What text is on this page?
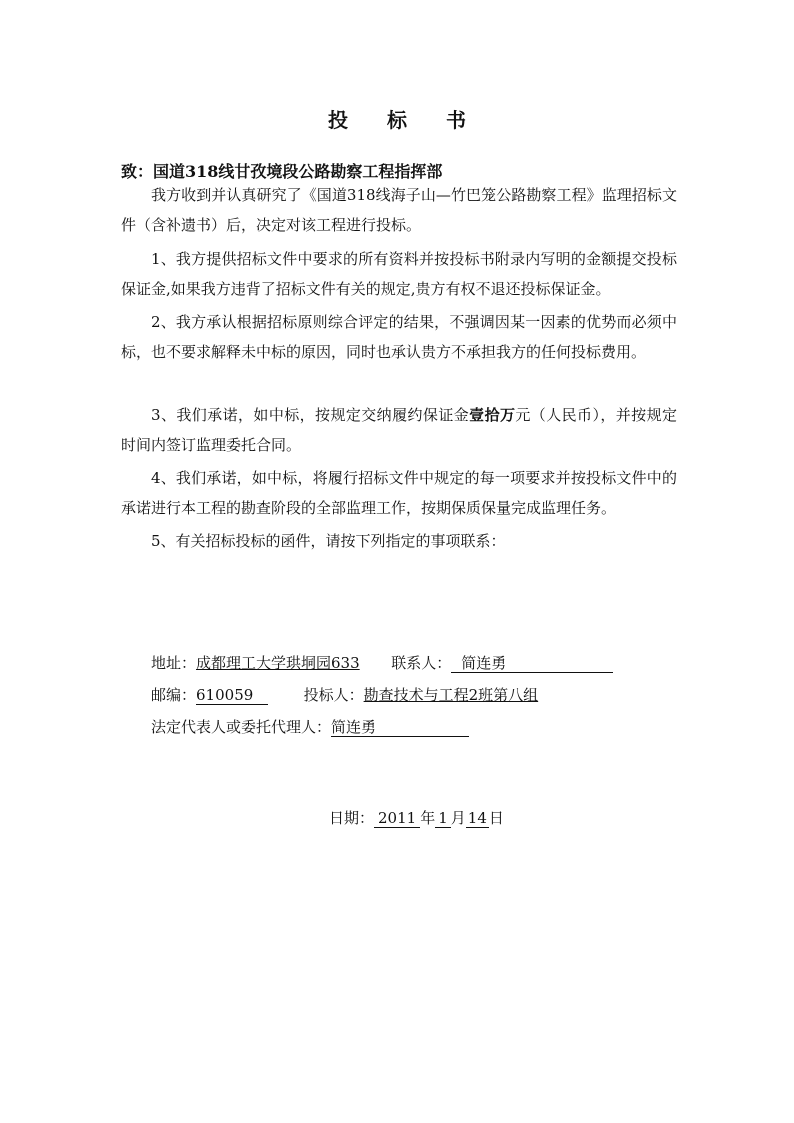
投 标 书
致：国道318线甘孜境段公路勘察工程指挥部

我方收到并认真研究了《国道318线海子山—竹巴笼公路勘察工程》监理招标文件（含补遗书）后，决定对该工程进行投标。

1、我方提供招标文件中要求的所有资料并按投标书附录内写明的金额提交投标保证金,如果我方违背了招标文件有关的规定,贵方有权不退还投标保证金。

2、我方承认根据招标原则综合评定的结果，不强调因某一因素的优势而必须中标，也不要求解释未中标的原因，同时也承认贵方不承担我方的任何投标费用。

3、我们承诺，如中标，按规定交纳履约保证金壹拾万元（人民币），并按规定时间内签订监理委托合同。

4、我们承诺，如中标，将履行招标文件中规定的每一项要求并按投标文件中的承诺进行本工程的勘查阶段的全部监理工作，按期保质保量完成监理任务。

5、有关招标投标的函件，请按下列指定的事项联系：

地址：成都理工大学珙垌园633 联系人： 简连勇
邮编：610059	投标人：勘查技术与工程2班第八组
法定代表人或委托代理人：简连勇
日期： 2011 年 1 月 14 日
